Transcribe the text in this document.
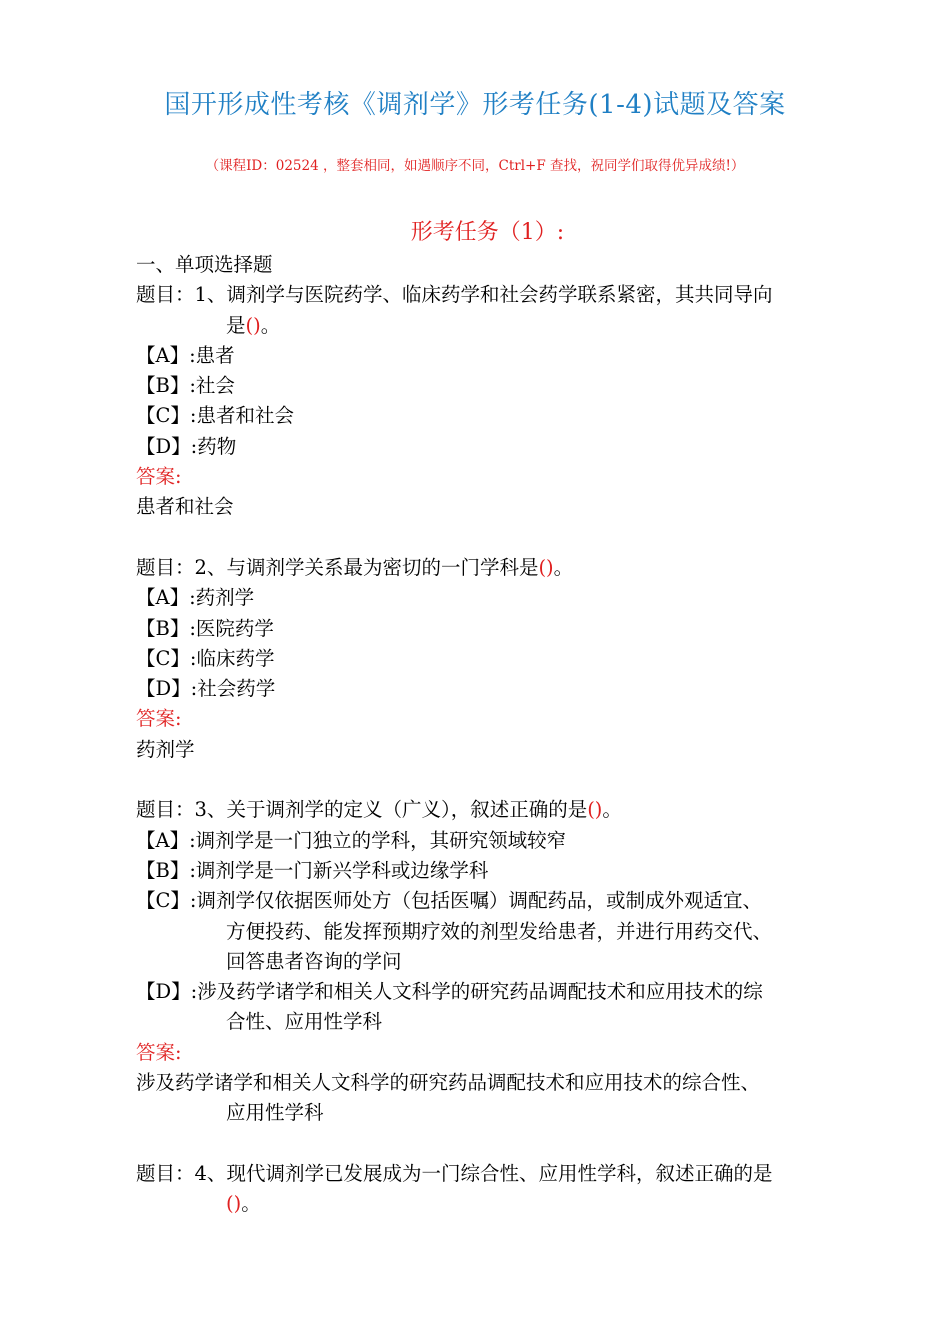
国开形成性考核《调剂学》形考任务(1-4)试题及答案
（课程ID：02524 ，整套相同，如遇顺序不同，Ctrl+F 查找，祝同学们取得优异成绩!）
形考任务（1）:
一、单项选择题
题目：1、调剂学与医院药学、临床药学和社会药学联系紧密，其共同导向
是()。
【A】:患者
【B】:社会
【C】:患者和社会
【D】:药物
答案:
患者和社会
题目：2、与调剂学关系最为密切的一门学科是()。
【A】:药剂学
【B】:医院药学
【C】:临床药学
【D】:社会药学
答案:
药剂学
题目：3、关于调剂学的定义（广义），叙述正确的是()。
【A】:调剂学是一门独立的学科，其研究领域较窄
【B】:调剂学是一门新兴学科或边缘学科
【C】:调剂学仅依据医师处方（包括医嘱）调配药品，或制成外观适宜、
方便投药、能发挥预期疗效的剂型发给患者，并进行用药交代、
回答患者咨询的学问
【D】:涉及药学诸学和相关人文科学的研究药品调配技术和应用技术的综
合性、应用性学科
答案:
涉及药学诸学和相关人文科学的研究药品调配技术和应用技术的综合性、
应用性学科
题目：4、现代调剂学已发展成为一门综合性、应用性学科，叙述正确的是
()。
